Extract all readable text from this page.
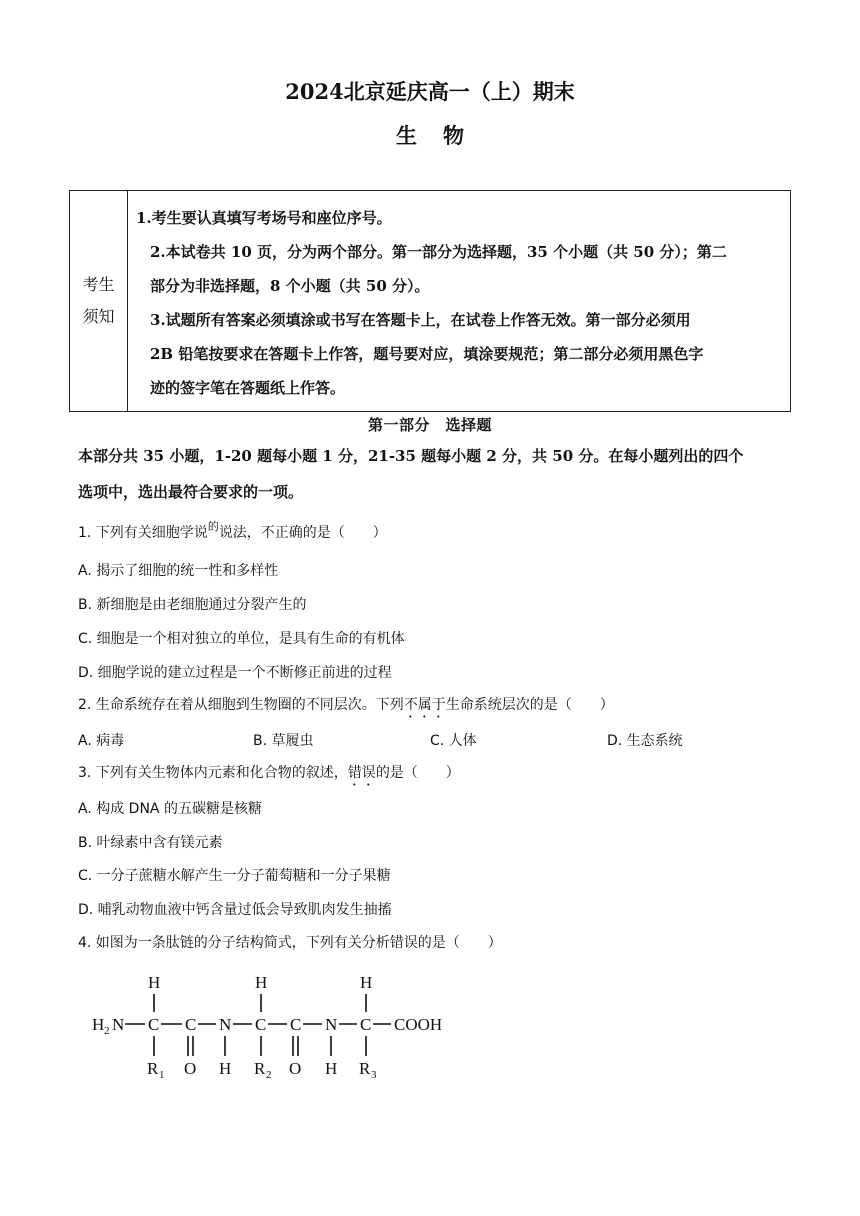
2024北京延庆高一（上）期末
生物
考生
须知	
1.考生要认真填写考场号和座位序号。
2.本试卷共 10 页，分为两个部分。第一部分为选择题，35 个小题（共 50 分）；第二
部分为非选择题，8 个小题（共 50 分）。
3.试题所有答案必须填涂或书写在答题卡上，在试卷上作答无效。第一部分必须用
2B 铅笔按要求在答题卡上作答，题号要对应，填涂要规范；第二部分必须用黑色字
迹的签字笔在答题纸上作答。
第一部分　选择题
本部分共 35 小题，1-20 题每小题 1 分，21-35 题每小题 2 分，共 50 分。在每小题列出的四个
选项中，选出最符合要求的一项。
1. 下列有关细胞学说$^的$说法，不正确的是（　　）
A. 揭示了细胞的统一性和多样性
B. 新细胞是由老细胞通过分裂产生的
C. 细胞是一个相对独立的单位，是具有生命的有机体
D. 细胞学说的建立过程是一个不断修正前进的过程
2. 生命系统存在着从细胞到生物圈的不同层次。下列不属于生命系统层次的是（　　）
A. 病毒	B. 草履虫	C. 人体	D. 生态系统
3. 下列有关生物体内元素和化合物的叙述，错误的是（　　）
A. 构成 DNA 的五碳糖是核糖
B. 叶绿素中含有镁元素
C. 一分子蔗糖水解产生一分子葡萄糖和一分子果糖
D. 哺乳动物血液中钙含量过低会导致肌肉发生抽搐
4. 如图为一条肽链的分子结构简式，下列有关分析错误的是（　　）
H	H	H
H 2 N C C N C C N C COOH
R 1 O H R 2 O H R 3
